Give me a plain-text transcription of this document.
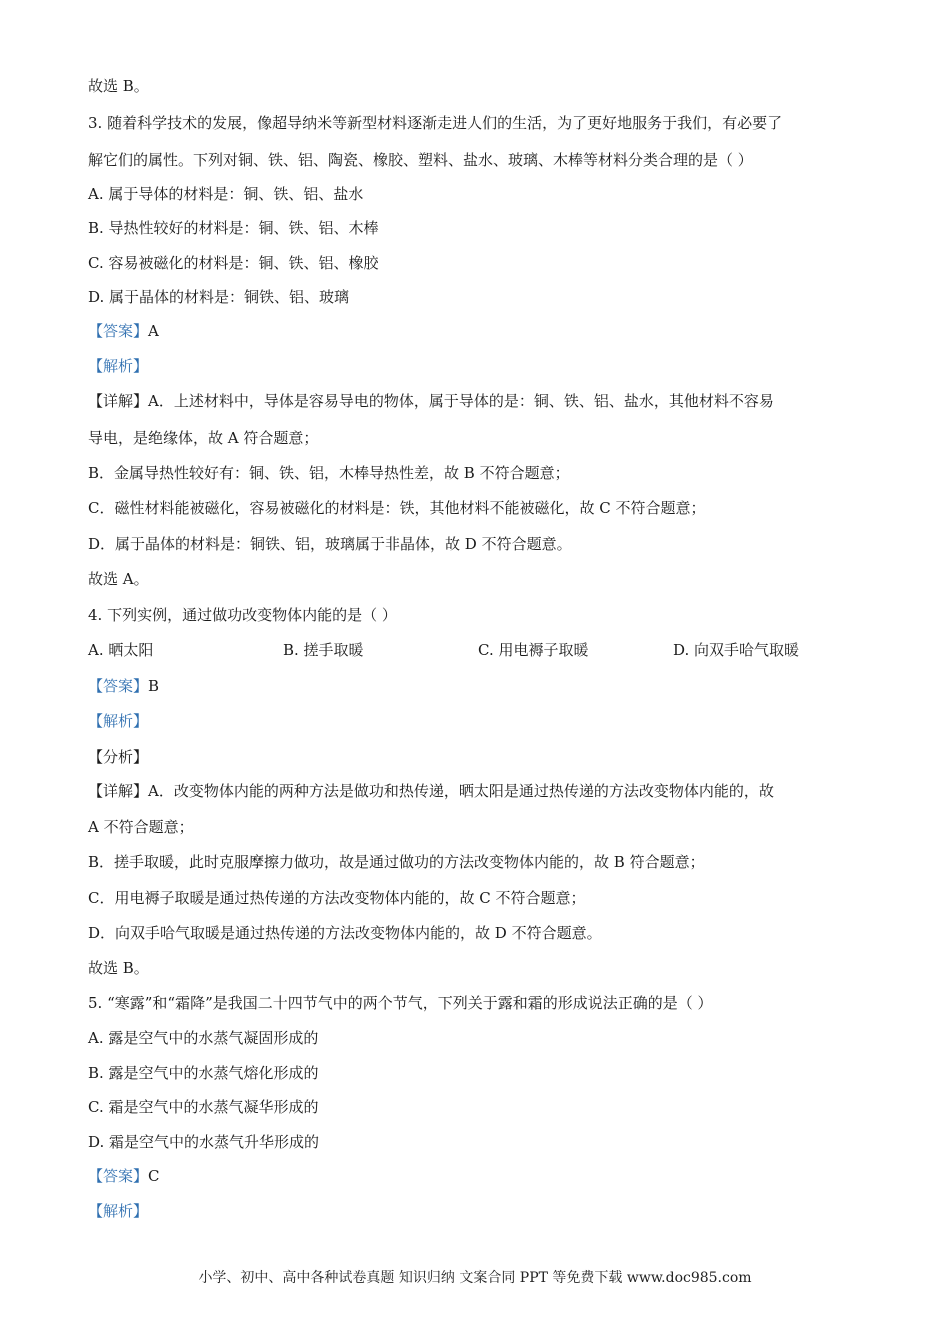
故选 B。
3. 随着科学技术的发展，像超导纳米等新型材料逐渐走进人们的生活，为了更好地服务于我们，有必要了
解它们的属性。下列对铜、铁、铝、陶瓷、橡胶、塑料、盐水、玻璃、木棒等材料分类合理的是（ ）
A. 属于导体的材料是：铜、铁、铝、盐水
B. 导热性较好的材料是：铜、铁、铝、木棒
C. 容易被磁化的材料是：铜、铁、铝、橡胶
D. 属于晶体的材料是：铜铁、铝、玻璃
【答案】A
【解析】
【详解】A．上述材料中，导体是容易导电的物体，属于导体的是：铜、铁、铝、盐水，其他材料不容易
导电，是绝缘体，故 A 符合题意；
B．金属导热性较好有：铜、铁、铝，木棒导热性差，故 B 不符合题意；
C．磁性材料能被磁化，容易被磁化的材料是：铁，其他材料不能被磁化，故 C 不符合题意；
D．属于晶体的材料是：铜铁、铝，玻璃属于非晶体，故 D 不符合题意。
故选 A。
4. 下列实例，通过做功改变物体内能的是（ ）
A. 晒太阳	B. 搓手取暖	C. 用电褥子取暖	D. 向双手哈气取暖
【答案】B
【解析】
【分析】
【详解】A．改变物体内能的两种方法是做功和热传递，晒太阳是通过热传递的方法改变物体内能的，故
A 不符合题意；
B．搓手取暖，此时克服摩擦力做功，故是通过做功的方法改变物体内能的，故 B 符合题意；
C．用电褥子取暖是通过热传递的方法改变物体内能的，故 C 不符合题意；
D．向双手哈气取暖是通过热传递的方法改变物体内能的，故 D 不符合题意。
故选 B。
5. “寒露”和“霜降”是我国二十四节气中的两个节气，下列关于露和霜的形成说法正确的是（ ）
A. 露是空气中的水蒸气凝固形成的
B. 露是空气中的水蒸气熔化形成的
C. 霜是空气中的水蒸气凝华形成的
D. 霜是空气中的水蒸气升华形成的
【答案】C
【解析】
小学、初中、高中各种试卷真题 知识归纳 文案合同 PPT 等免费下载 www.doc985.com
